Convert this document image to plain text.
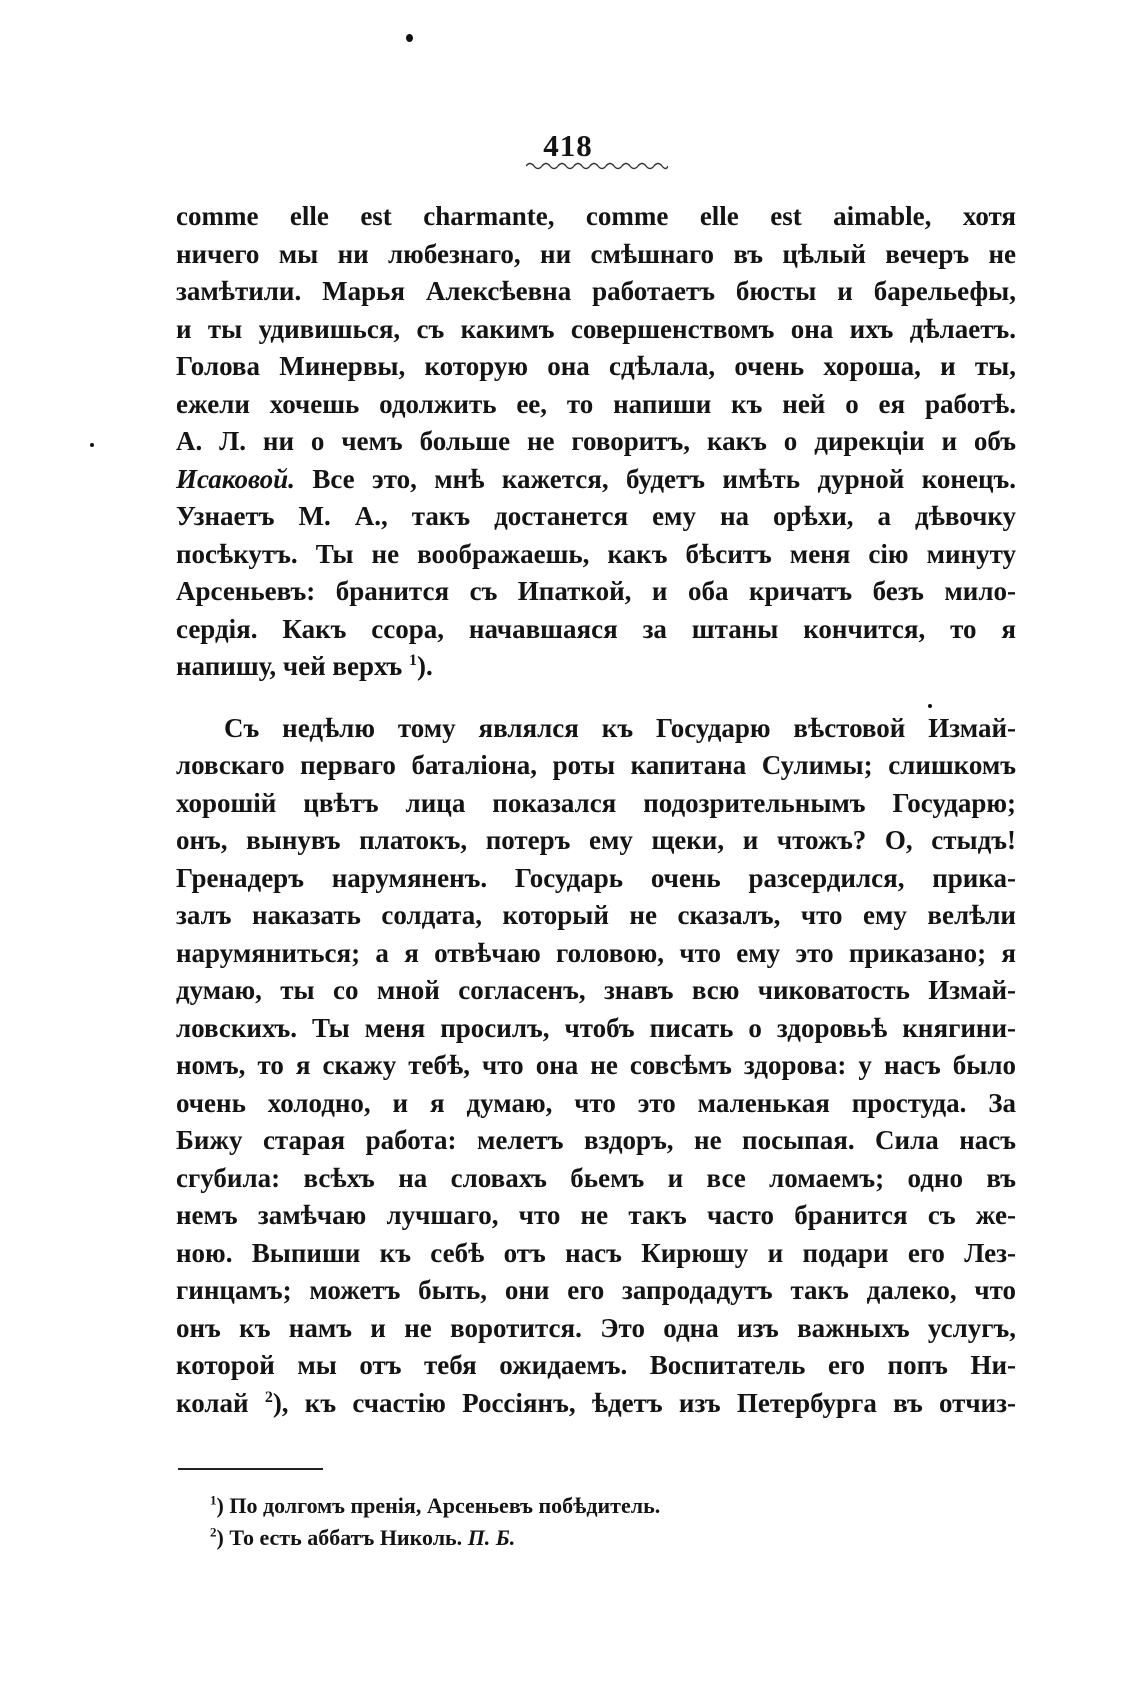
418
comme elle est charmante, comme elle est aimable, хотя
ничего мы ни любезнаго, ни смѣшнаго въ цѣлый вечеръ не
замѣтили. Марья Алексѣевна работаетъ бюсты и барельефы,
и ты удивишься, съ какимъ совершенствомъ она ихъ дѣлаетъ.
Голова Минервы, которую она сдѣлала, очень хороша, и ты,
ежели хочешь одолжить ее, то напиши къ ней о ея работѣ.
А. Л. ни о чемъ больше не говоритъ, какъ о дирекціи и объ
Исаковой. Все это, мнѣ кажется, будетъ имѣть дурной конецъ.
Узнаетъ М. А., такъ достанется ему на орѣхи, а дѣвочку
посѣкутъ. Ты не воображаешь, какъ бѣситъ меня сію минуту
Арсеньевъ: бранится съ Ипаткой, и оба кричатъ безъ мило-
сердія. Какъ ссора, начавшаяся за штаны кончится, то я
напишу, чей верхъ $^1$).
Съ недѣлю тому являлся къ Государю вѣстовой Измай-
ловскаго перваго баталіона, роты капитана Сулимы; слишкомъ
хорошій цвѣтъ лица показался подозрительнымъ Государю;
онъ, вынувъ платокъ, потеръ ему щеки, и чтожъ? О, стыдъ!
Гренадеръ нарумяненъ. Государь очень разсердился, прика-
залъ наказать солдата, который не сказалъ, что ему велѣли
нарумяниться; а я отвѣчаю головою, что ему это приказано; я
думаю, ты со мной согласенъ, знавъ всю чиковатость Измай-
ловскихъ. Ты меня просилъ, чтобъ писать о здоровьѣ княгини-
номъ, то я скажу тебѣ, что она не совсѣмъ здорова: у насъ было
очень холодно, и я думаю, что это маленькая простуда. За
Бижу старая работа: мелетъ вздоръ, не посыпая. Сила насъ
сгубила: всѣхъ на словахъ бьемъ и все ломаемъ; одно въ
немъ замѣчаю лучшаго, что не такъ часто бранится съ же-
ною. Выпиши къ себѣ отъ насъ Кирюшу и подари его Лез-
гинцамъ; можетъ быть, они его запродадутъ такъ далеко, что
онъ къ намъ и не воротится. Это одна изъ важныхъ услугъ,
которой мы отъ тебя ожидаемъ. Воспитатель его попъ Ни-
колай $^2$), къ счастію Россіянъ, ѣдетъ изъ Петербурга въ отчиз-
$^1$) По долгомъ пренія, Арсеньевъ побѣдитель.
$^2$) То есть аббатъ Николь. П. Б.
